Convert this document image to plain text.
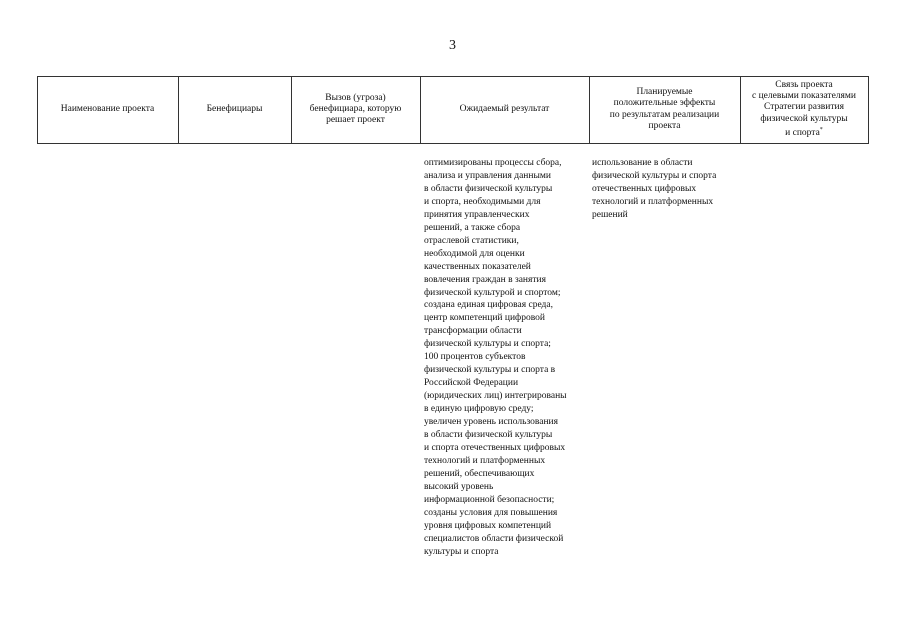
3
Наименование проекта	Бенефициары
Вызов (угроза)
бенефициара, которую
решает проект
Ожидаемый результат
Планируемые
положительные эффекты
по результатам реализации
проекта
Связь проекта
с целевыми показателями
Стратегии развития
физической культуры
и спорта*
оптимизированы процессы сбора,
анализа и управления данными
в области физической культуры
и спорта, необходимыми для
принятия управленческих
решений, а также сбора
отраслевой статистики,
необходимой для оценки
качественных показателей
вовлечения граждан в занятия
физической культурой и спортом;
создана единая цифровая среда,
центр компетенций цифровой
трансформации области
физической культуры и спорта;
100 процентов субъектов
физической культуры и спорта в
Российской Федерации
(юридических лиц) интегрированы
в единую цифровую среду;
увеличен уровень использования
в области физической культуры
и спорта отечественных цифровых
технологий и платформенных
решений, обеспечивающих
высокий уровень
информационной безопасности;
созданы условия для повышения
уровня цифровых компетенций
специалистов области физической
культуры и спорта
использование в области
физической культуры и спорта
отечественных цифровых
технологий и платформенных
решений
